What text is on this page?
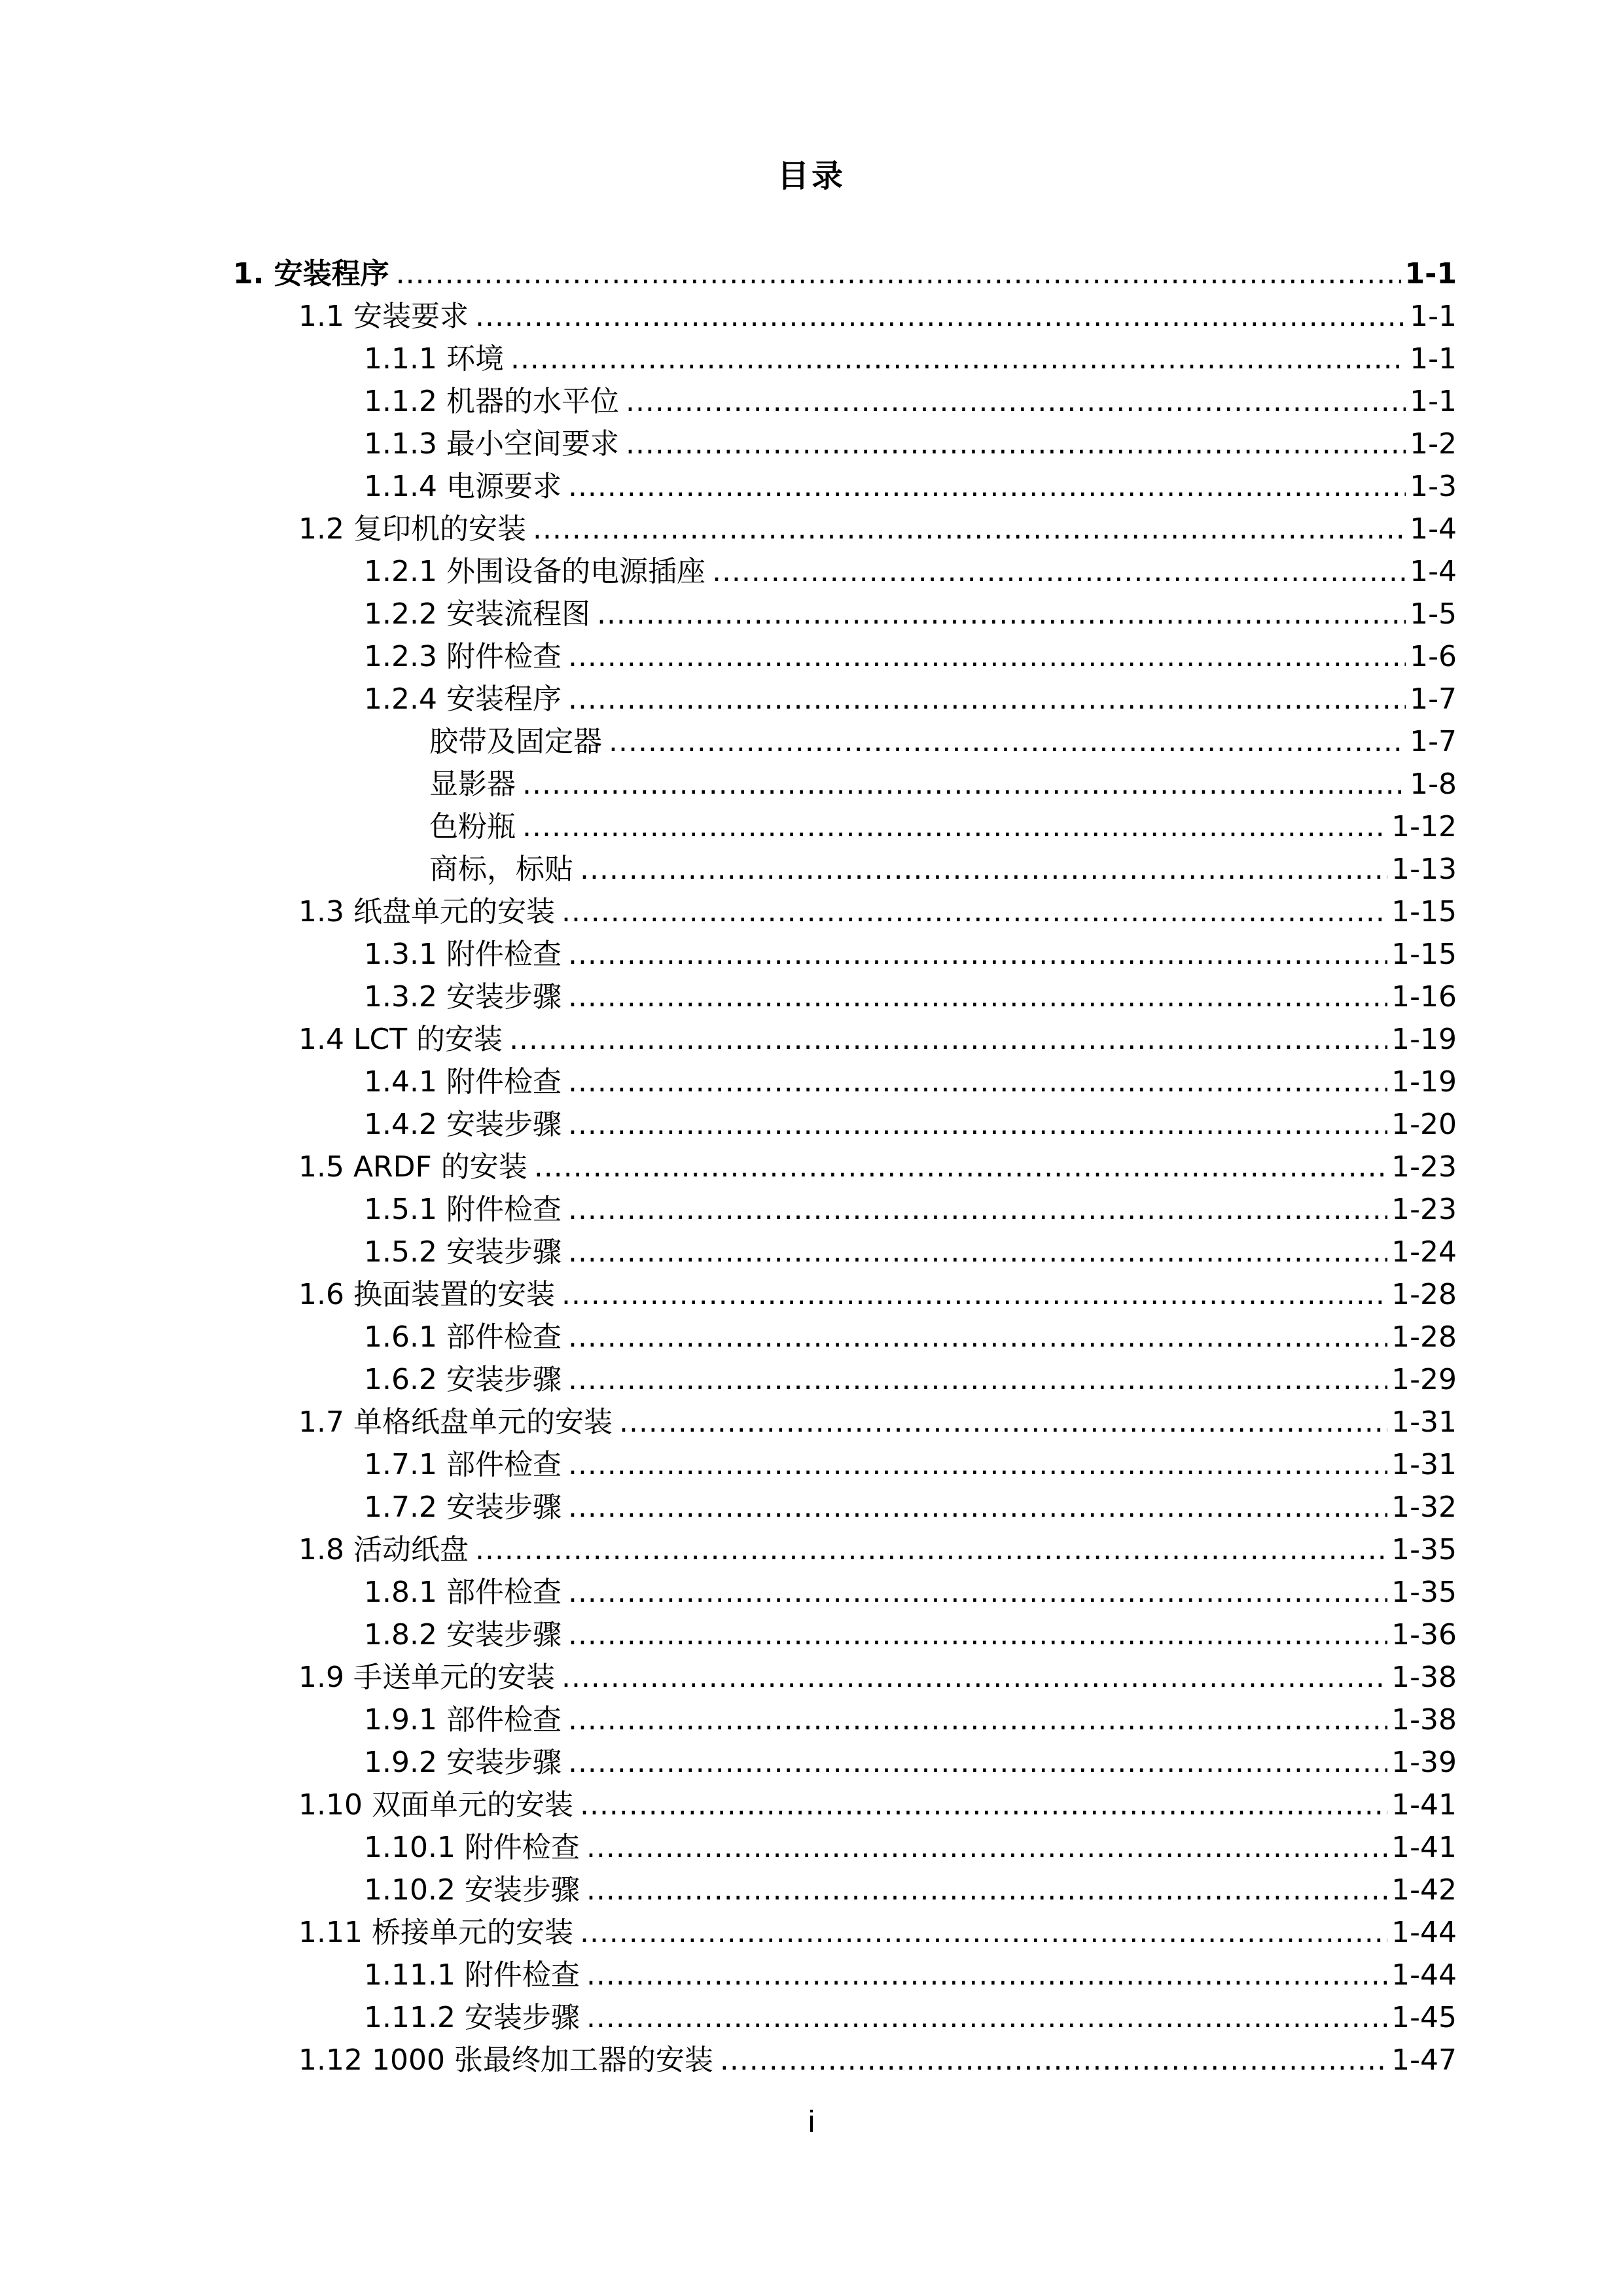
目录
1. 安装程序 .....	1-1
1.1 安装要求 .....	1-1
1.1.1 环境 .....	1-1
1.1.2 机器的水平位 .....	1-1
1.1.3 最小空间要求 .....	1-2
1.1.4 电源要求 .....	1-3
1.2 复印机的安装 .....	1-4
1.2.1 外围设备的电源插座 .....	1-4
1.2.2 安装流程图 .....	1-5
1.2.3 附件检查 .....	1-6
1.2.4 安装程序 .....	1-7
胶带及固定器 .....	1-7
显影器 .....	1-8
色粉瓶 .....	1-12
商标，标贴 .....	1-13
1.3 纸盘单元的安装 .....	1-15
1.3.1 附件检查 .....	1-15
1.3.2 安装步骤 .....	1-16
1.4 LCT 的安装 .....	1-19
1.4.1 附件检查 .....	1-19
1.4.2 安装步骤 .....	1-20
1.5 ARDF 的安装 .....	1-23
1.5.1 附件检查 .....	1-23
1.5.2 安装步骤 .....	1-24
1.6 换面装置的安装 .....	1-28
1.6.1 部件检查 .....	1-28
1.6.2 安装步骤 .....	1-29
1.7 单格纸盘单元的安装 .....	1-31
1.7.1 部件检查 .....	1-31
1.7.2 安装步骤 .....	1-32
1.8 活动纸盘 .....	1-35
1.8.1 部件检查 .....	1-35
1.8.2 安装步骤 .....	1-36
1.9 手送单元的安装 .....	1-38
1.9.1 部件检查 .....	1-38
1.9.2 安装步骤 .....	1-39
1.10 双面单元的安装 .....	1-41
1.10.1 附件检查 .....	1-41
1.10.2 安装步骤 .....	1-42
1.11 桥接单元的安装 .....	1-44
1.11.1 附件检查 .....	1-44
1.11.2 安装步骤 .....	1-45
1.12 1000 张最终加工器的安装 .....	1-47
i
